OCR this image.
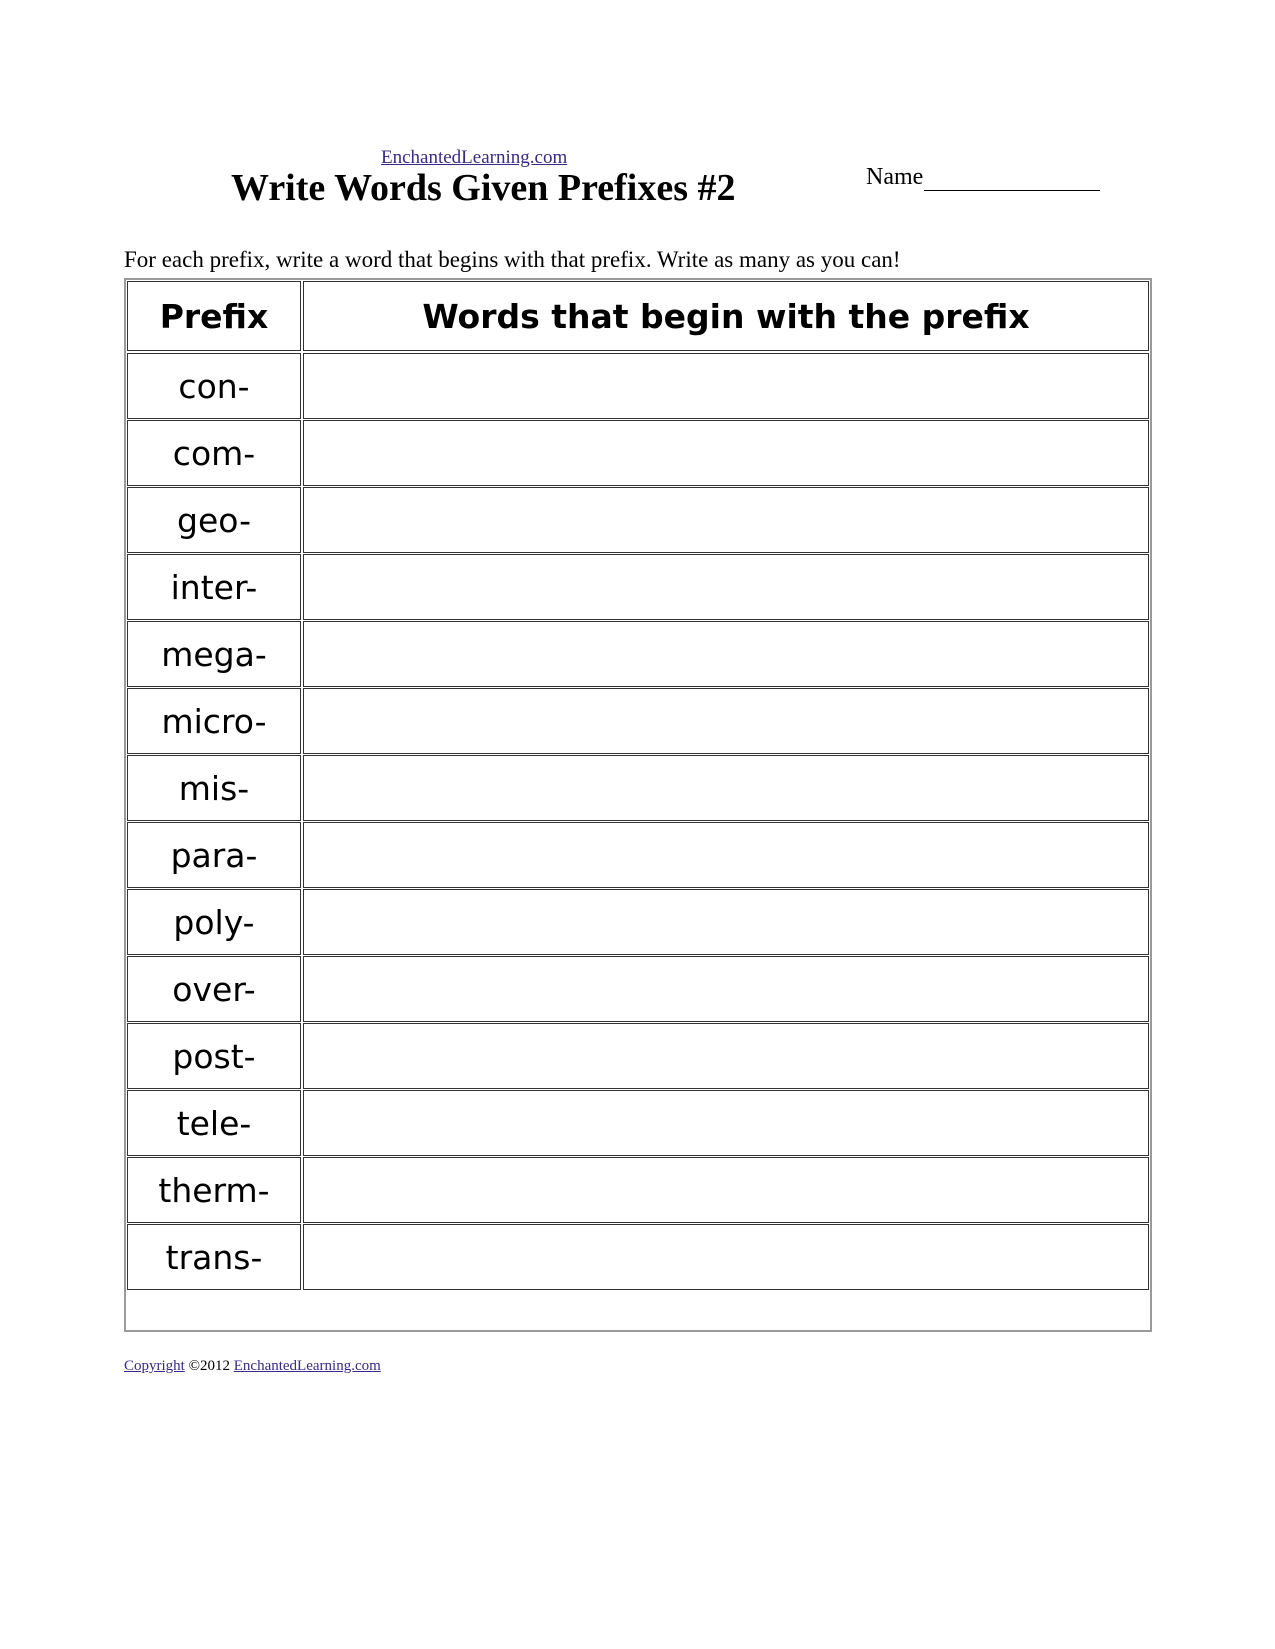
EnchantedLearning.com
Write Words Given Prefixes #2	Name
For each prefix, write a word that begins with that prefix. Write as many as you can!
Prefix	Words that begin with the prefix
con-
com-
geo-
inter-
mega-
micro-
mis-
para-
poly-
over-
post-
tele-
therm-
trans-
Copyright ©2012 EnchantedLearning.com
